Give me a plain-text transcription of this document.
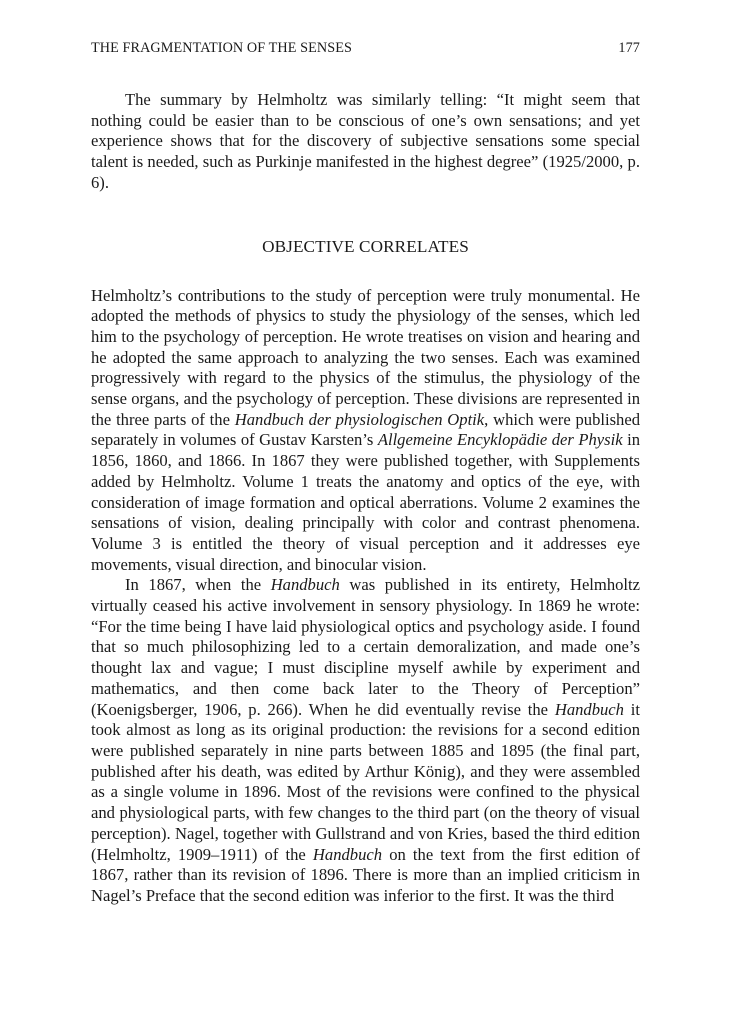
THE FRAGMENTATION OF THE SENSES	177

The summary by Helmholtz was similarly telling: “It might seem that nothing could be easier than to be conscious of one’s own sensations; and yet experience shows that for the discovery of subjective sensations some special talent is needed, such as Purkinje manifested in the highest degree” (1925/2000, p. 6).

OBJECTIVE CORRELATES

Helmholtz’s contributions to the study of perception were truly monumental. He adopted the methods of physics to study the physiology of the senses, which led him to the psychology of perception. He wrote treatises on vision and hearing and he adopted the same approach to analyzing the two senses. Each was examined progressively with regard to the physics of the stimulus, the physiology of the sense organs, and the psychology of perception. These divisions are represented in the three parts of the Handbuch der physiologischen Optik, which were published separately in volumes of Gustav Karsten’s Allgemeine Encyklopädie der Physik in 1856, 1860, and 1866. In 1867 they were published together, with Supplements added by Helmholtz. Volume 1 treats the anatomy and optics of the eye, with consideration of image formation and optical aberrations. Volume 2 examines the sensations of vision, dealing principally with color and contrast phenomena. Volume 3 is entitled the theory of visual perception and it addresses eye movements, visual direction, and binocular vision.

In 1867, when the Handbuch was published in its entirety, Helmholtz virtually ceased his active involvement in sensory physiology. In 1869 he wrote: “For the time being I have laid physiological optics and psychology aside. I found that so much philosophizing led to a certain demoralization, and made one’s thought lax and vague; I must discipline myself awhile by experiment and mathematics, and then come back later to the Theory of Perception” (Koenigsberger, 1906, p. 266). When he did eventually revise the Handbuch it took almost as long as its original production: the revisions for a second edition were published separately in nine parts between 1885 and 1895 (the final part, published after his death, was edited by Arthur König), and they were assembled as a single volume in 1896. Most of the revisions were confined to the physical and physiological parts, with few changes to the third part (on the theory of visual perception). Nagel, together with Gullstrand and von Kries, based the third edition (Helmholtz, 1909–1911) of the Handbuch on the text from the first edition of 1867, rather than its revision of 1896. There is more than an implied criticism in Nagel’s Preface that the second edition was inferior to the first. It was the third
